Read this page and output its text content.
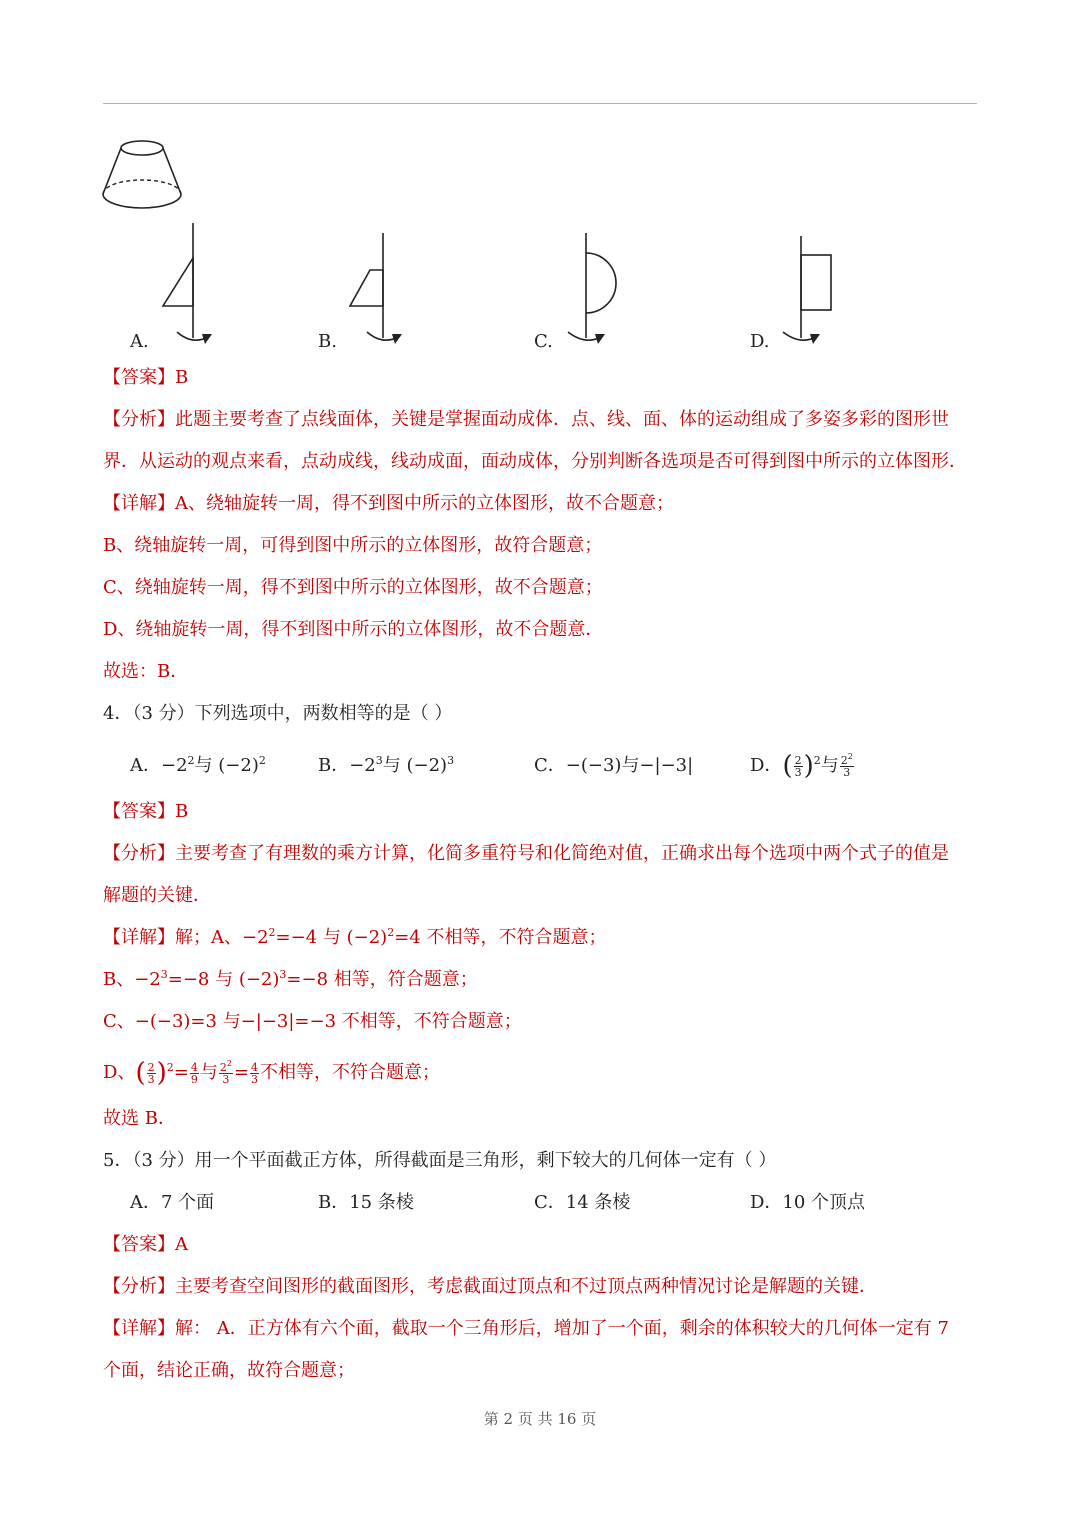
A.	B.	C.	D.
【答案】B
【分析】此题主要考查了点线面体，关键是掌握面动成体．点、线、面、体的运动组成了多姿多彩的图形世
界．从运动的观点来看，点动成线，线动成面，面动成体，分别判断各选项是否可得到图中所示的立体图形．
【详解】A、绕轴旋转一周，得不到图中所示的立体图形，故不合题意；
B、绕轴旋转一周，可得到图中所示的立体图形，故符合题意；
C、绕轴旋转一周，得不到图中所示的立体图形，故不合题意；
D、绕轴旋转一周，得不到图中所示的立体图形，故不合题意．
故选：B．
4．（3 分）下列选项中，两数相等的是（ ）
A．$-2^2$与 $(-2)^2$	B．$-2^3$与 $(-2)^3$	C．−(−3)与−|−3|	D．( $\frac{2}{3} )^2$与 $\frac{2^2}{3}$
【答案】B
【分析】主要考查了有理数的乘方计算，化简多重符号和化简绝对值，正确求出每个选项中两个式子的值是
解题的关键．
【详解】解；A、$-2^2=-4$ 与 $(-2)^2=4$ 不相等，不符合题意；
B、$-2^3=-8$ 与 $(-2)^3=-8$ 相等，符合题意；
C、−(−3)=3 与−|−3|=−3 不相等，不符合题意；
D、( $\frac{2}{3} )^2= \frac{4}{9}$ 与 $\frac{2^2}{3} = \frac{4}{3}$ 不相等，不符合题意；
故选 B．
5．（3 分）用一个平面截正方体，所得截面是三角形，剩下较大的几何体一定有（ ）
A．7 个面	B．15 条棱	C．14 条棱	D．10 个顶点
【答案】A
【分析】主要考查空间图形的截面图形，考虑截面过顶点和不过顶点两种情况讨论是解题的关键．
【详解】解： A．正方体有六个面，截取一个三角形后，增加了一个面，剩余的体积较大的几何体一定有 7
个面，结论正确，故符合题意；
第 2 页 共 16 页
